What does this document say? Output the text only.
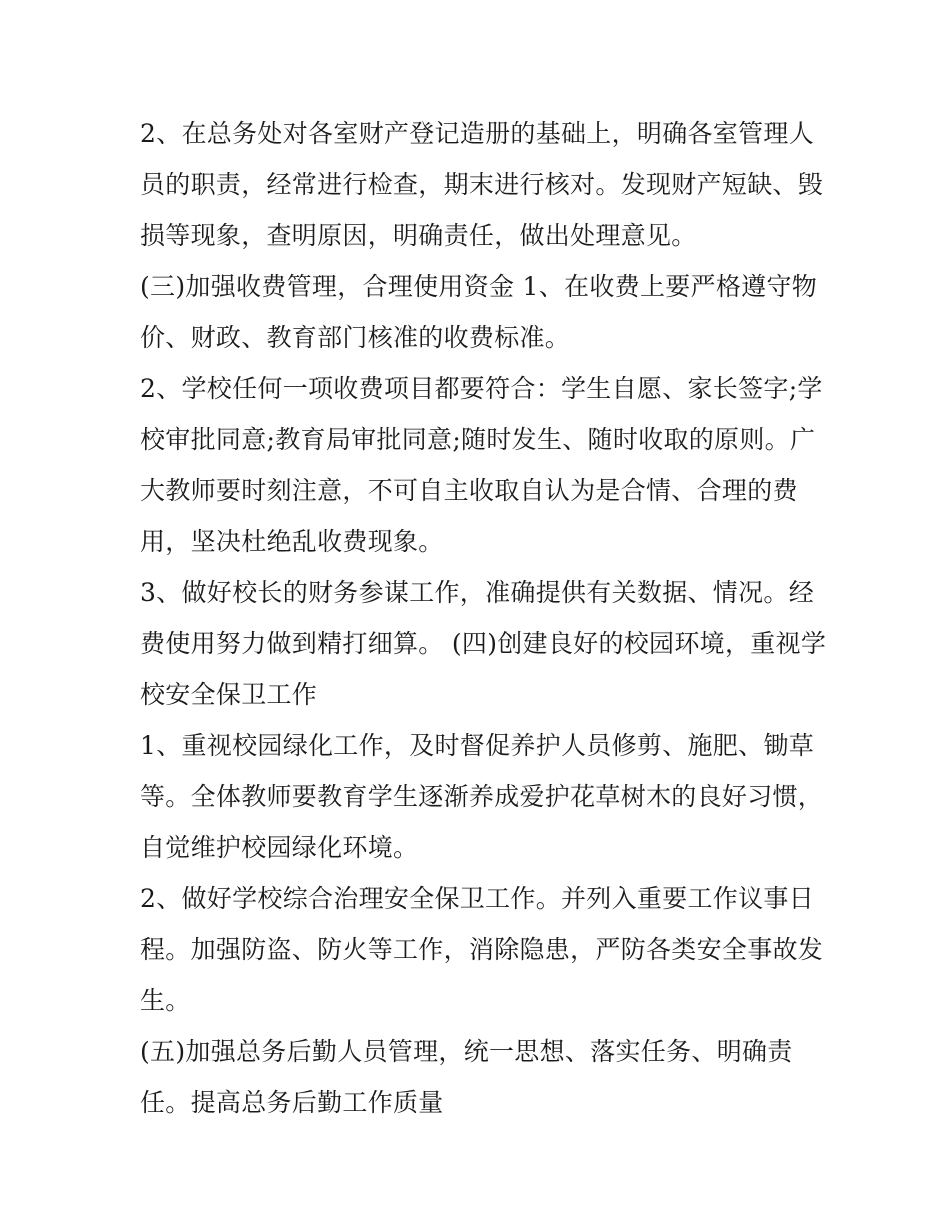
2、在总务处对各室财产登记造册的基础上，明确各室管理人员的职责，经常进行检查，期末进行核对。发现财产短缺、毁损等现象，查明原因，明确责任，做出处理意见。

(三)加强收费管理，合理使用资金 1、在收费上要严格遵守物价、财政、教育部门核准的收费标准。

2、学校任何一项收费项目都要符合：学生自愿、家长签字;学校审批同意;教育局审批同意;随时发生、随时收取的原则。广大教师要时刻注意，不可自主收取自认为是合情、合理的费用，坚决杜绝乱收费现象。

3、做好校长的财务参谋工作，准确提供有关数据、情况。经费使用努力做到精打细算。 (四)创建良好的校园环境，重视学校安全保卫工作

1、重视校园绿化工作，及时督促养护人员修剪、施肥、锄草等。全体教师要教育学生逐渐养成爱护花草树木的良好习惯，自觉维护校园绿化环境。

2、做好学校综合治理安全保卫工作。并列入重要工作议事日程。加强防盗、防火等工作，消除隐患，严防各类安全事故发生。

(五)加强总务后勤人员管理，统一思想、落实任务、明确责任。提高总务后勤工作质量
